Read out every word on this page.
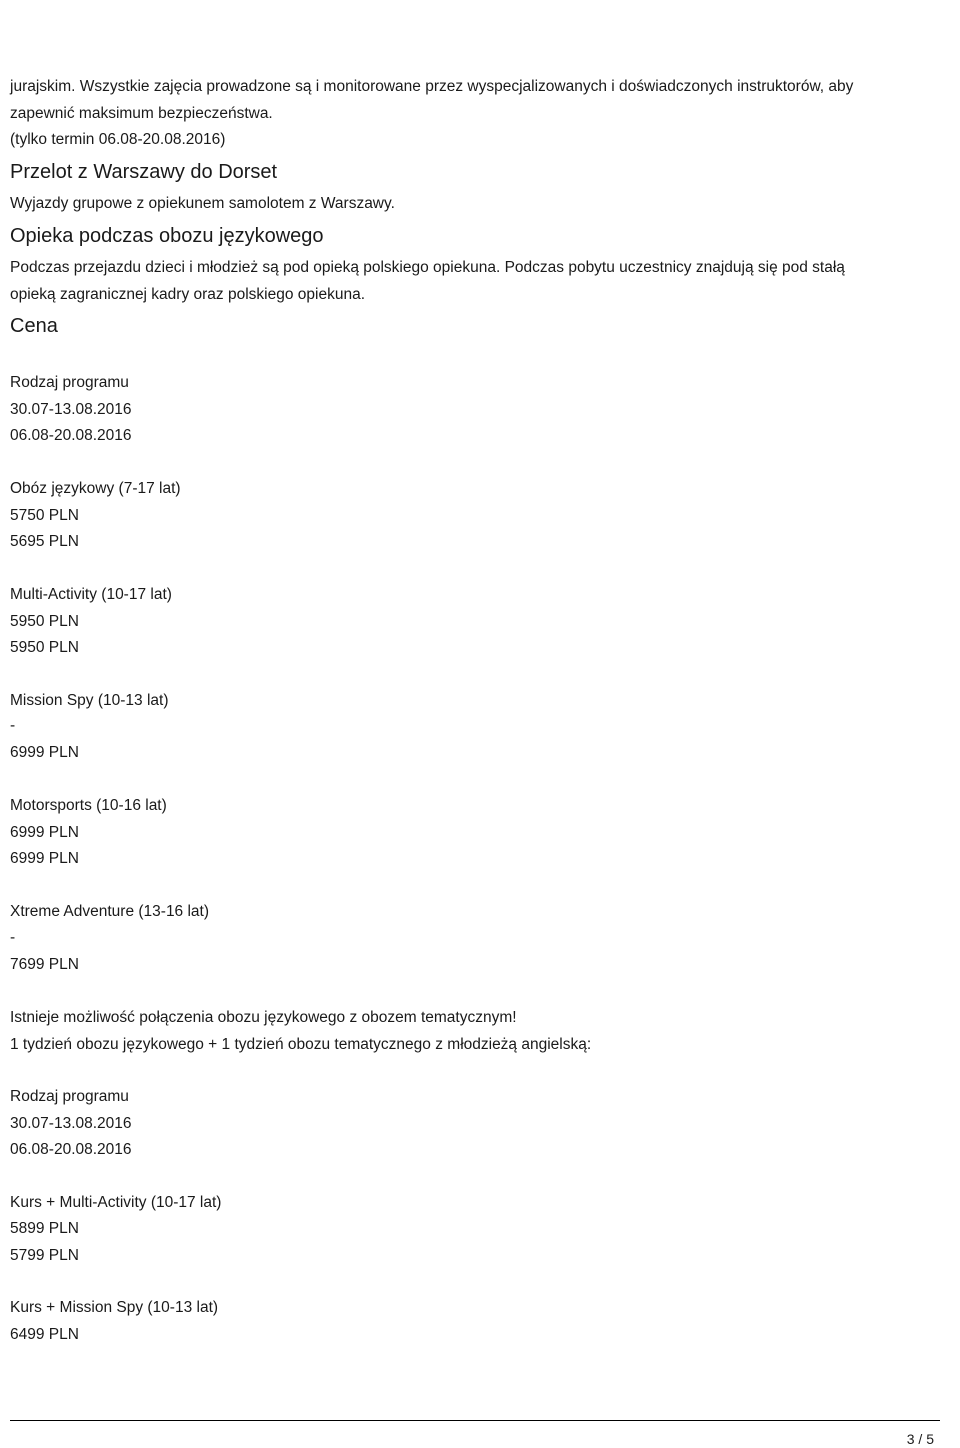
jurajskim. Wszystkie zajęcia prowadzone są i monitorowane przez wyspecjalizowanych i doświadczonych instruktorów, aby
zapewnić maksimum bezpieczeństwa.
(tylko termin 06.08-20.08.2016)
Przelot z Warszawy do Dorset
Wyjazdy grupowe z opiekunem samolotem z Warszawy.
Opieka podczas obozu językowego
Podczas przejazdu dzieci i młodzież są pod opieką polskiego opiekuna. Podczas pobytu uczestnicy znajdują się pod stałą
opieką zagranicznej kadry oraz polskiego opiekuna.
Cena
Rodzaj programu
30.07-13.08.2016
06.08-20.08.2016
Obóz językowy (7-17 lat)
5750 PLN
5695 PLN
Multi-Activity (10-17 lat)
5950 PLN
5950 PLN
Mission Spy (10-13 lat)
-
6999 PLN
Motorsports (10-16 lat)
6999 PLN
6999 PLN
Xtreme Adventure (13-16 lat)
-
7699 PLN
Istnieje możliwość połączenia obozu językowego z obozem tematycznym!
1 tydzień obozu językowego + 1 tydzień obozu tematycznego z młodzieżą angielską:
Rodzaj programu
30.07-13.08.2016
06.08-20.08.2016
Kurs + Multi-Activity (10-17 lat)
5899 PLN
5799 PLN
Kurs + Mission Spy (10-13 lat)
6499 PLN
3 / 5
